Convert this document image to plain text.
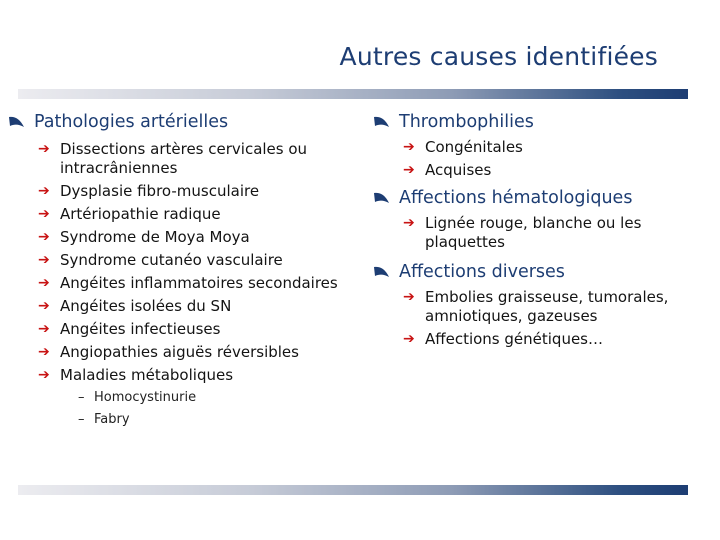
Autres causes identifiées
Pathologies artérielles
➔ Dissections artères cervicales ou intracrâniennes
➔ Dysplasie fibro-musculaire
➔ Artériopathie radique
➔ Syndrome de Moya Moya
➔ Syndrome cutanéo vasculaire
➔ Angéites inflammatoires secondaires
➔ Angéites isolées du SN
➔ Angéites infectieuses
➔ Angiopathies aiguës réversibles
➔ Maladies métaboliques
– Homocystinurie
– Fabry
Thrombophilies
➔ Congénitales
➔ Acquises
Affections hématologiques
➔ Lignée rouge, blanche ou les plaquettes
Affections diverses
➔ Embolies graisseuse, tumorales, amniotiques, gazeuses
➔ Affections génétiques…
